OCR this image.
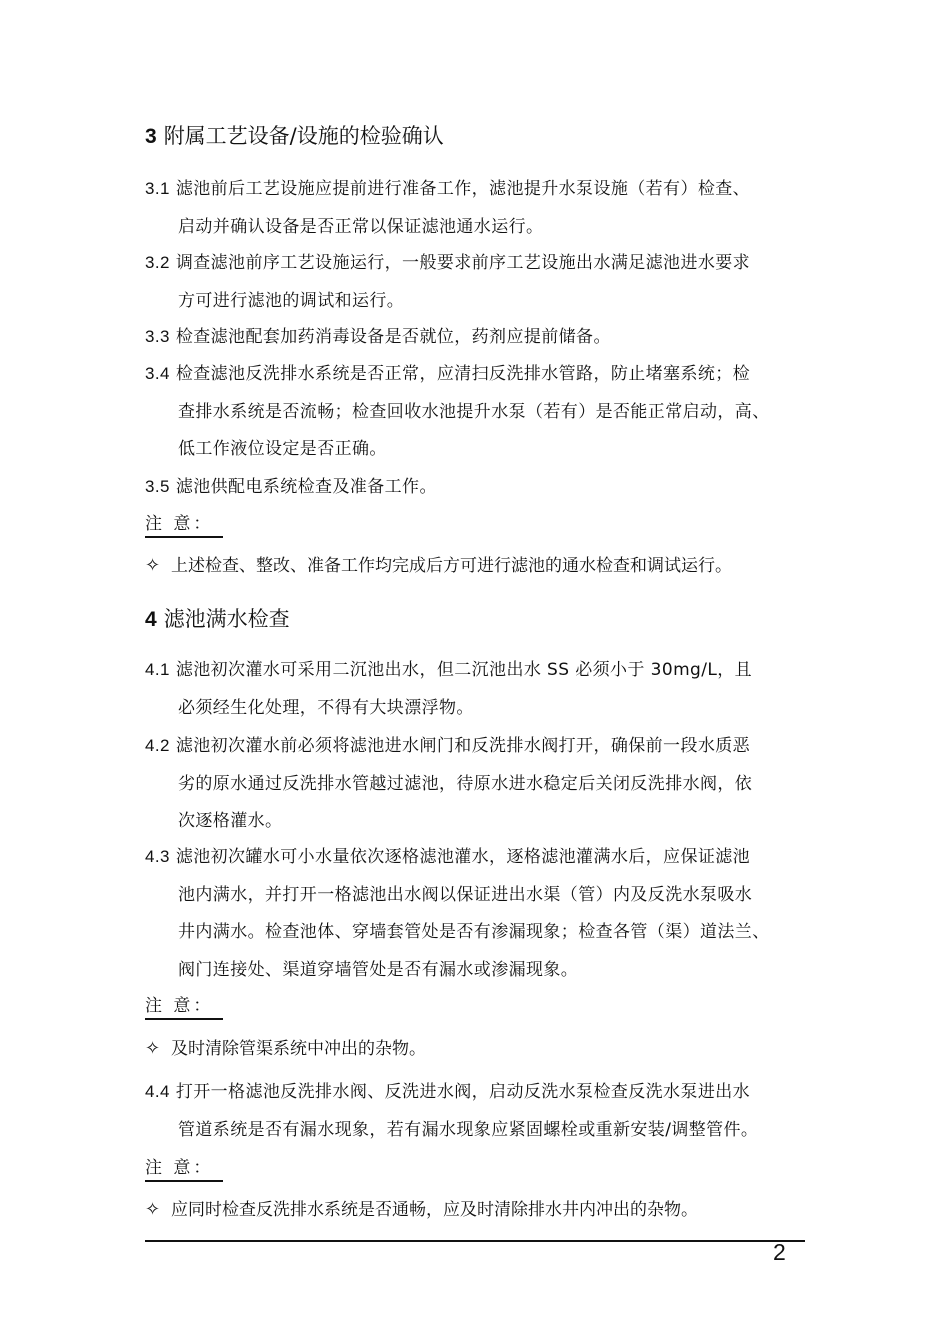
3 附属工艺设备/设施的检验确认
3.1 滤池前后工艺设施应提前进行准备工作，滤池提升水泵设施（若有）检查、
启动并确认设备是否正常以保证滤池通水运行。
3.2 调查滤池前序工艺设施运行，一般要求前序工艺设施出水满足滤池进水要求
方可进行滤池的调试和运行。
3.3 检查滤池配套加药消毒设备是否就位，药剂应提前储备。
3.4 检查滤池反洗排水系统是否正常，应清扫反洗排水管路，防止堵塞系统；检
查排水系统是否流畅；检查回收水池提升水泵（若有）是否能正常启动，高、
低工作液位设定是否正确。
3.5 滤池供配电系统检查及准备工作。
注 意：
✧ 上述检查、整改、准备工作均完成后方可进行滤池的通水检查和调试运行。
4 滤池满水检查
4.1 滤池初次灌水可采用二沉池出水，但二沉池出水 SS 必须小于 30mg/L，且
必须经生化处理，不得有大块漂浮物。
4.2 滤池初次灌水前必须将滤池进水闸门和反洗排水阀打开，确保前一段水质恶
劣的原水通过反洗排水管越过滤池，待原水进水稳定后关闭反洗排水阀，依
次逐格灌水。
4.3 滤池初次罐水可小水量依次逐格滤池灌水，逐格滤池灌满水后，应保证滤池
池内满水，并打开一格滤池出水阀以保证进出水渠（管）内及反洗水泵吸水
井内满水。检查池体、穿墙套管处是否有渗漏现象；检查各管（渠）道法兰、
阀门连接处、渠道穿墙管处是否有漏水或渗漏现象。
注 意：
✧ 及时清除管渠系统中冲出的杂物。
4.4 打开一格滤池反洗排水阀、反洗进水阀，启动反洗水泵检查反洗水泵进出水
管道系统是否有漏水现象，若有漏水现象应紧固螺栓或重新安装/调整管件。
注 意：
✧ 应同时检查反洗排水系统是否通畅，应及时清除排水井内冲出的杂物。
2
